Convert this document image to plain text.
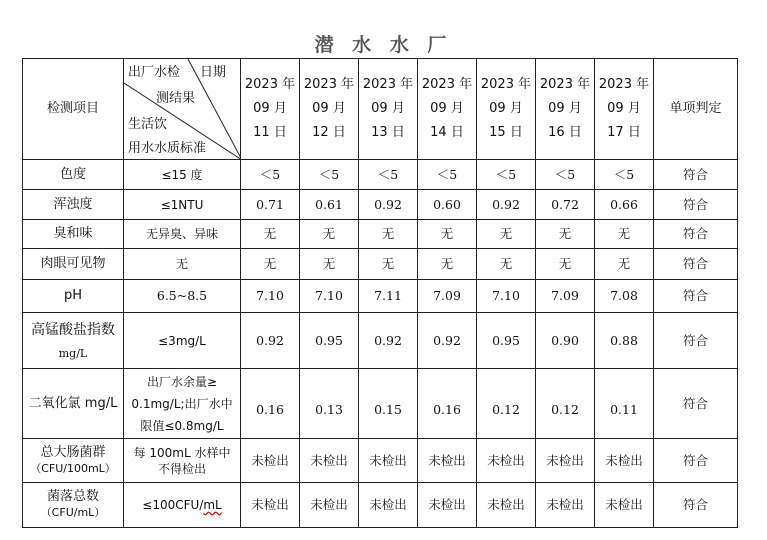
潜 水 水 厂
检测项目	出厂水检 日期
测结果
生活饮
用水水质标准	2023 年
09 月
11 日	2023 年
09 月
12 日	2023 年
09 月
13 日	2023 年
09 月
14 日	2023 年
09 月
15 日	2023 年
09 月
16 日	2023 年
09 月
17 日	单项判定
色度	≤15 度	＜5	＜5	＜5	＜5	＜5	＜5	＜5	符合
浑浊度	≤1NTU	0.71	0.61	0.92	0.60	0.92	0.72	0.66	符合
臭和味	无异臭、异味	无	无	无	无	无	无	无	符合
肉眼可见物	无	无	无	无	无	无	无	无	符合
pH	6.5~8.5	7.10	7.10	7.11	7.09	7.10	7.09	7.08	符合
高锰酸盐指数
mg/L	≤3mg/L	0.92	0.95	0.92	0.92	0.95	0.90	0.88	符合
二氧化氯 mg/L	出厂水余量≥
0.1mg/L;出厂水中
限值≤0.8mg/L	0.16	0.13	0.15	0.16	0.12	0.12	0.11	符合
总大肠菌群
（CFU/100mL）	每 100mL 水样中
不得检出	未检出	未检出	未检出	未检出	未检出	未检出	未检出	符合
菌落总数
（CFU/mL）	≤100CFU/mL	未检出	未检出	未检出	未检出	未检出	未检出	未检出	符合
